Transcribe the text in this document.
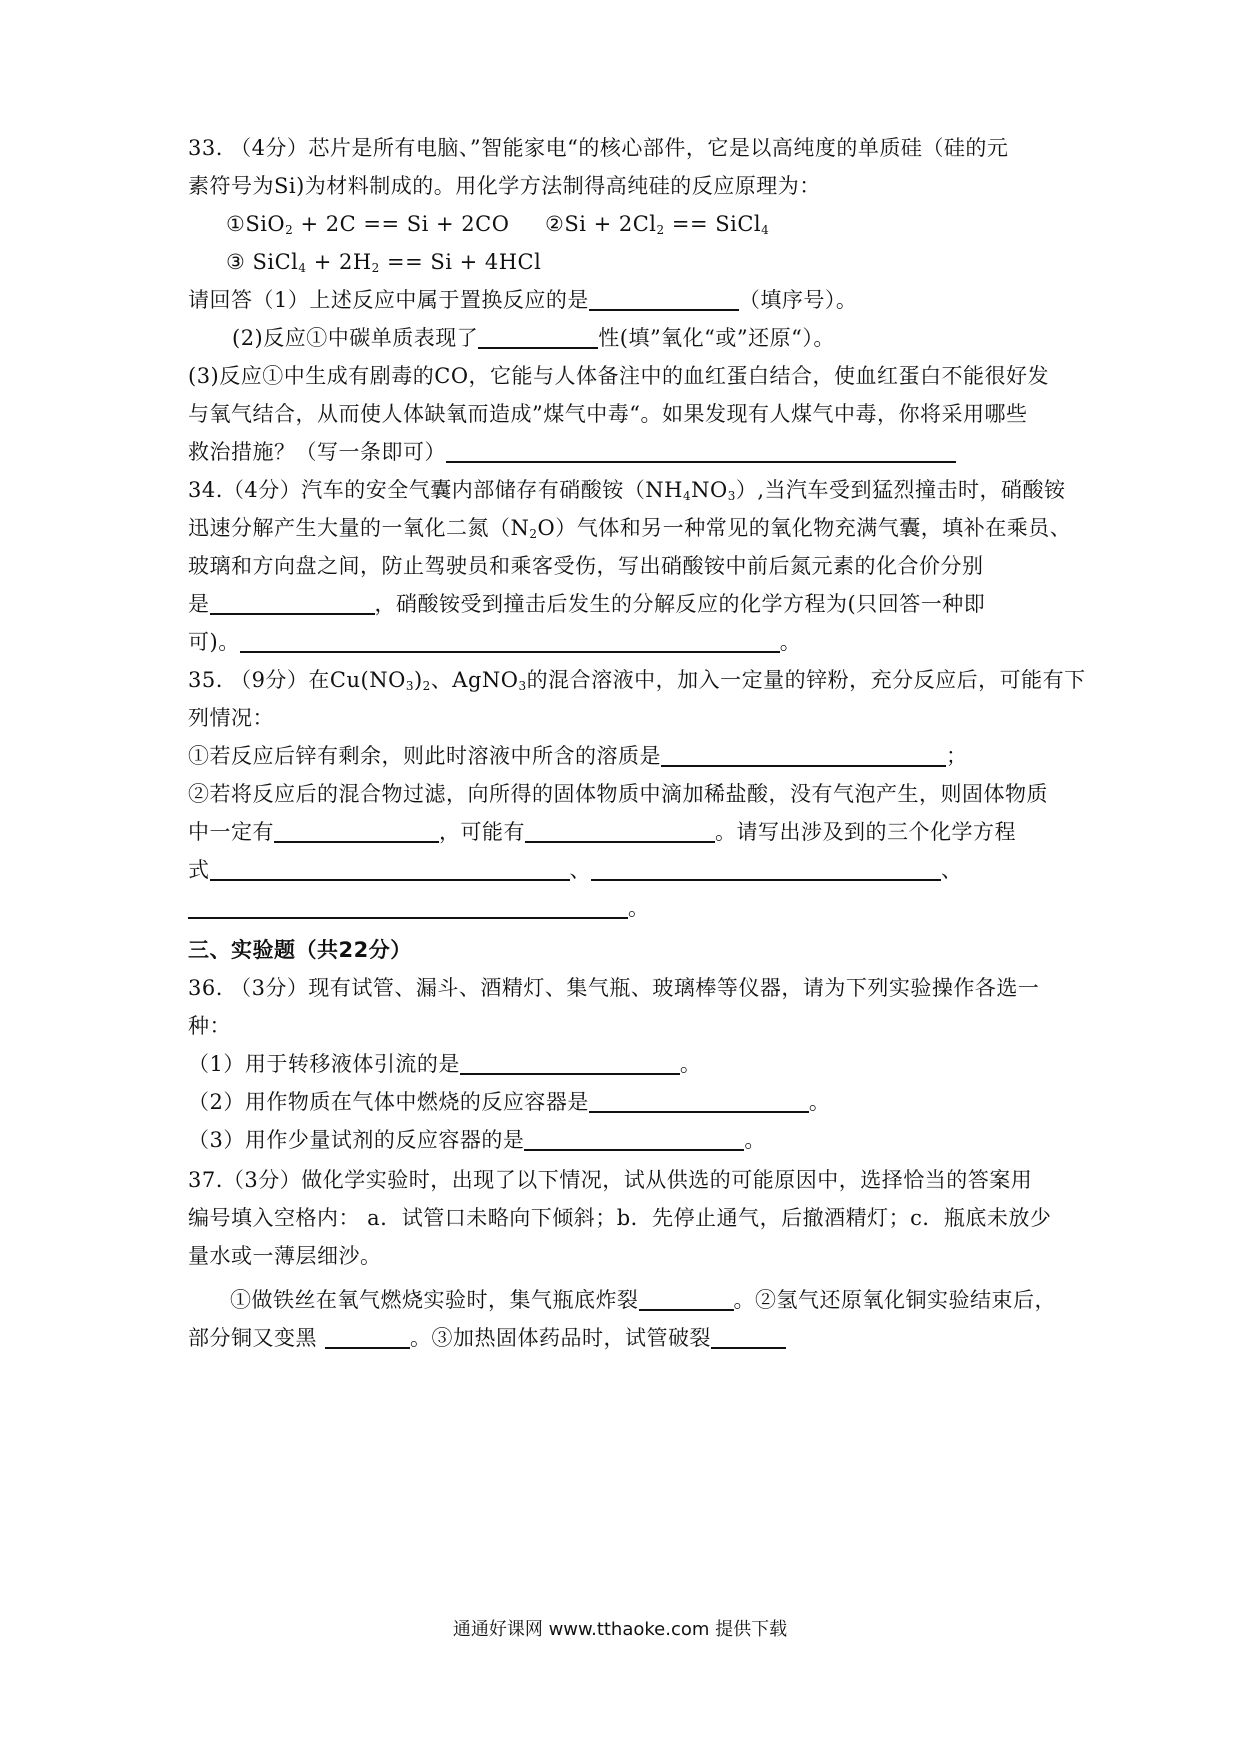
33. （4分）芯片是所有电脑、”智能家电“的核心部件，它是以高纯度的单质硅（硅的元
素符号为Si)为材料制成的。用化学方法制得高纯硅的反应原理为：
①SiO$_2$ + 2C == Si + 2CO ②Si + $2Cl_2$ == SiCl$_4$
③ SiCl$_4$ + $2H_2 == Si + 4HCl$
请回答（1）上述反应中属于置换反应的是	（填序号）。
(2)反应①中碳单质表现了	性(填”氧化“或”还原“）。
(3)反应①中生成有剧毒的CO，它能与人体备注中的血红蛋白结合，使血红蛋白不能很好发
与氧气结合，从而使人体缺氧而造成”煤气中毒“。如果发现有人煤气中毒，你将采用哪些
救治措施？（写一条即可）
34.（4分）汽车的安全气囊内部储存有硝酸铵$(NH_4NO_3)$,当汽车受到猛烈撞击时，硝酸铵
迅速分解产生大量的一氧化二氮$(N_2O)$气体和另一种常见的氧化物充满气囊，填补在乘员、
玻璃和方向盘之间，防止驾驶员和乘客受伤，写出硝酸铵中前后氮元素的化合价分别
是	，硝酸铵受到撞击后发生的分解反应的化学方程为(只回答一种即
可)。	。
35. （9分）在$Cu(NO_3)_2$、AgNO$_3$的混合溶液中，加入一定量的锌粉，充分反应后，可能有下
列情况：
①若反应后锌有剩余，则此时溶液中所含的溶质是	；
②若将反应后的混合物过滤，向所得的固体物质中滴加稀盐酸，没有气泡产生，则固体物质
中一定有	，可能有	。请写出涉及到的三个化学方程
式	、	、
。
三、实验题（共22分）
36. （3分）现有试管、漏斗、酒精灯、集气瓶、玻璃棒等仪器，请为下列实验操作各选一
种：
（1）用于转移液体引流的是	。
（2）用作物质在气体中燃烧的反应容器是	。
（3）用作少量试剂的反应容器的是	。
37.（3分）做化学实验时，出现了以下情况，试从供选的可能原因中，选择恰当的答案用
编号填入空格内： a．试管口未略向下倾斜；b．先停止通气，后撤酒精灯；c．瓶底未放少
量水或一薄层细沙。
①做铁丝在氧气燃烧实验时，集气瓶底炸裂	。②氢气还原氧化铜实验结束后，
部分铜又变黑	。③加热固体药品时，试管破裂
通通好课网 www.tthaoke.com 提供下载
